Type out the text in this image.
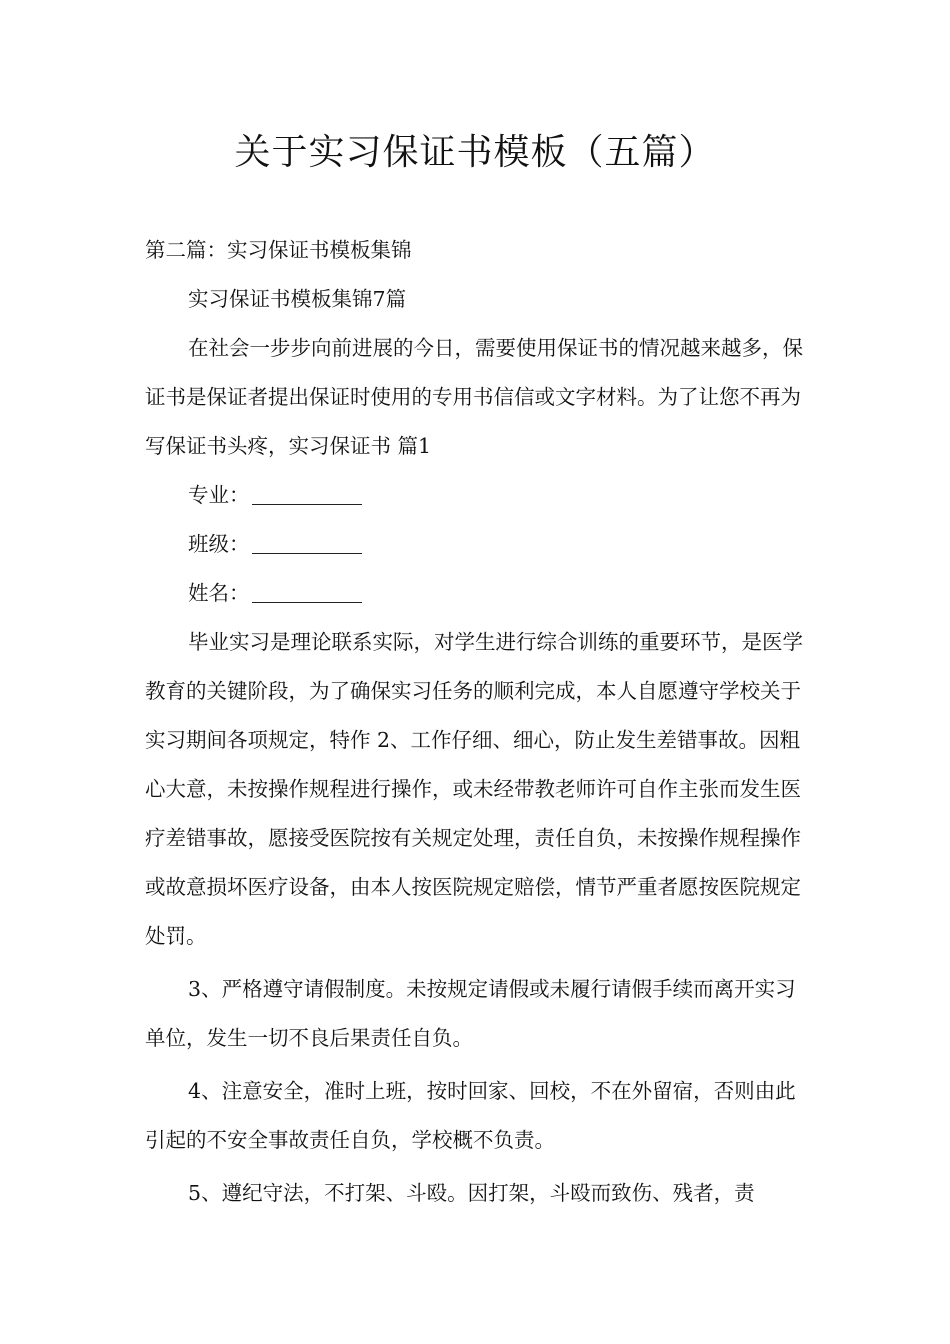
关于实习保证书模板（五篇）

第二篇：实习保证书模板集锦

实习保证书模板集锦7篇

在社会一步步向前进展的今日，需要使用保证书的情况越来越多，保证书是保证者提出保证时使用的专用书信信或文字材料。为了让您不再为写保证书头疼，实习保证书 篇1

专业：

班级：

姓名：

毕业实习是理论联系实际，对学生进行综合训练的重要环节，是医学教育的关键阶段，为了确保实习任务的顺利完成，本人自愿遵守学校关于实习期间各项规定，特作 2、工作仔细、细心，防止发生差错事故。因粗心大意，未按操作规程进行操作，或未经带教老师许可自作主张而发生医疗差错事故，愿接受医院按有关规定处理，责任自负，未按操作规程操作或故意损坏医疗设备，由本人按医院规定赔偿，情节严重者愿按医院规定处罚。

3、严格遵守请假制度。未按规定请假或未履行请假手续而离开实习单位，发生一切不良后果责任自负。

4、注意安全，准时上班，按时回家、回校，不在外留宿，否则由此引起的不安全事故责任自负，学校概不负责。

5、遵纪守法，不打架、斗殴。因打架，斗殴而致伤、残者，责
